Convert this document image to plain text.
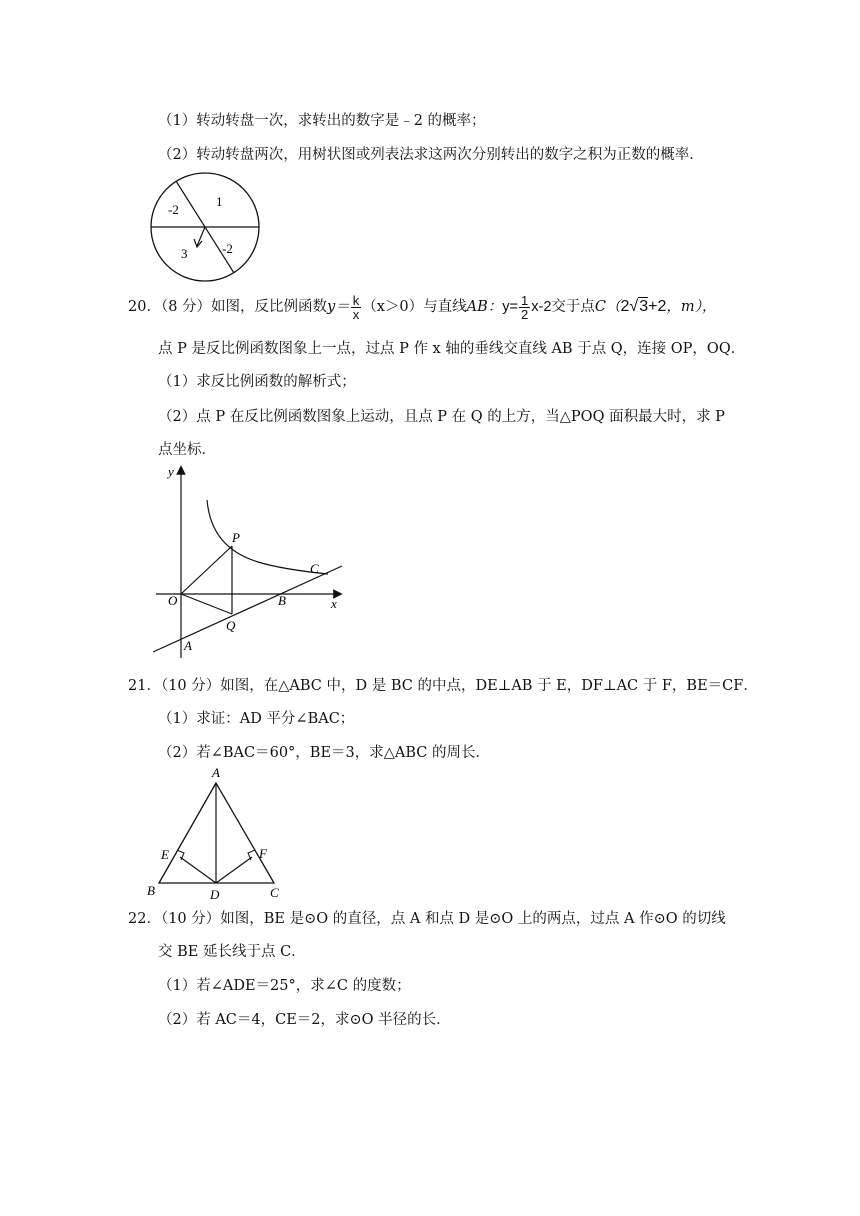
（1）转动转盘一次，求转出的数字是﹣2 的概率；
（2）转动转盘两次，用树状图或列表法求这两次分别转出的数字之积为正数的概率．
-2
1
3	-2
20．（8 分）如图，反比例函数$y= \frac{k}{x} (x>0)$与直线AB：$y= \frac{1}{2} x-2$交于点C（2√3+2，m），
点 P 是反比例函数图象上一点，过点 P 作 x 轴的垂线交直线 AB 于点 Q，连接 OP，OQ．
（1）求反比例函数的解析式；
（2）点 P 在反比例函数图象上运动，且点 P 在 Q 的上方，当△POQ 面积最大时，求 P
点坐标．
y
x
O
P
C
B
Q
A
21．（10 分）如图，在△ABC 中，D 是 BC 的中点，DE⊥AB 于 E，DF⊥AC 于 F，BE＝CF．
（1）求证：AD 平分∠BAC；
（2）若∠BAC＝60°，BE＝3，求△ABC 的周长．
A
E	F
B	D	C
22．（10 分）如图，BE 是⊙O 的直径，点 A 和点 D 是⊙O 上的两点，过点 A 作⊙O 的切线
交 BE 延长线于点 C．
（1）若∠ADE＝25°，求∠C 的度数；
（2）若 AC＝4，CE＝2，求⊙O 半径的长．
